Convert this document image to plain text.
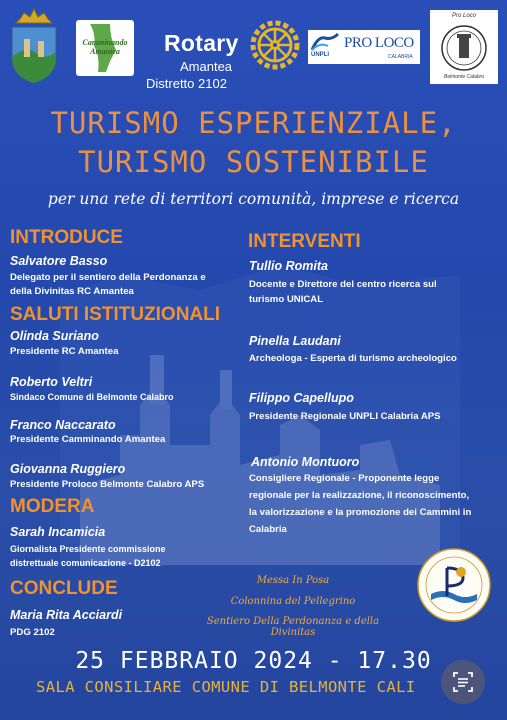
Camminando Amantea	Rotary
Amantea
Distretto 2102
UNPLI
PRO LOCO
CALABRIA
Pro Loco
Belmonte Calabro
TURISMO ESPERIENZIALE,
TURISMO SOSTENIBILE
per una rete di territori comunità, imprese e ricerca
INTRODUCE
Salvatore Basso
Delegato per il sentiero della Perdonanza e
della Divinitas RC Amantea
SALUTI ISTITUZIONALI
Olinda Suriano
Presidente RC Amantea
Roberto Veltri
Sindaco Comune di Belmonte Calabro
Franco Naccarato
Presidente Camminando Amantea
Giovanna Ruggiero
Presidente Proloco Belmonte Calabro APS
MODERA
Sarah Incamicia
Giornalista Presidente commissione
distrettuale comunicazione - D2102
CONCLUDE
Maria Rita Acciardi
PDG 2102
INTERVENTI
Tullio Romita
Docente e Direttore del centro ricerca sul
turismo UNICAL
Pinella Laudani
Archeologa - Esperta di turismo archeologico
Filippo Capellupo
Presidente Regionale UNPLI Calabria APS
Antonio Montuoro
Consigliere Regionale - Proponente legge
regionale per la realizzazione, il riconoscimento,
la valorizzazione e la promozione dei Cammini in
Calabria
Messa In Posa
Colonnina del Pellegrino
Sentiero Della Perdonanza e della Divinitas
25 FEBBRAIO 2024 - 17.30
SALA CONSILIARE COMUNE DI BELMONTE CALI
